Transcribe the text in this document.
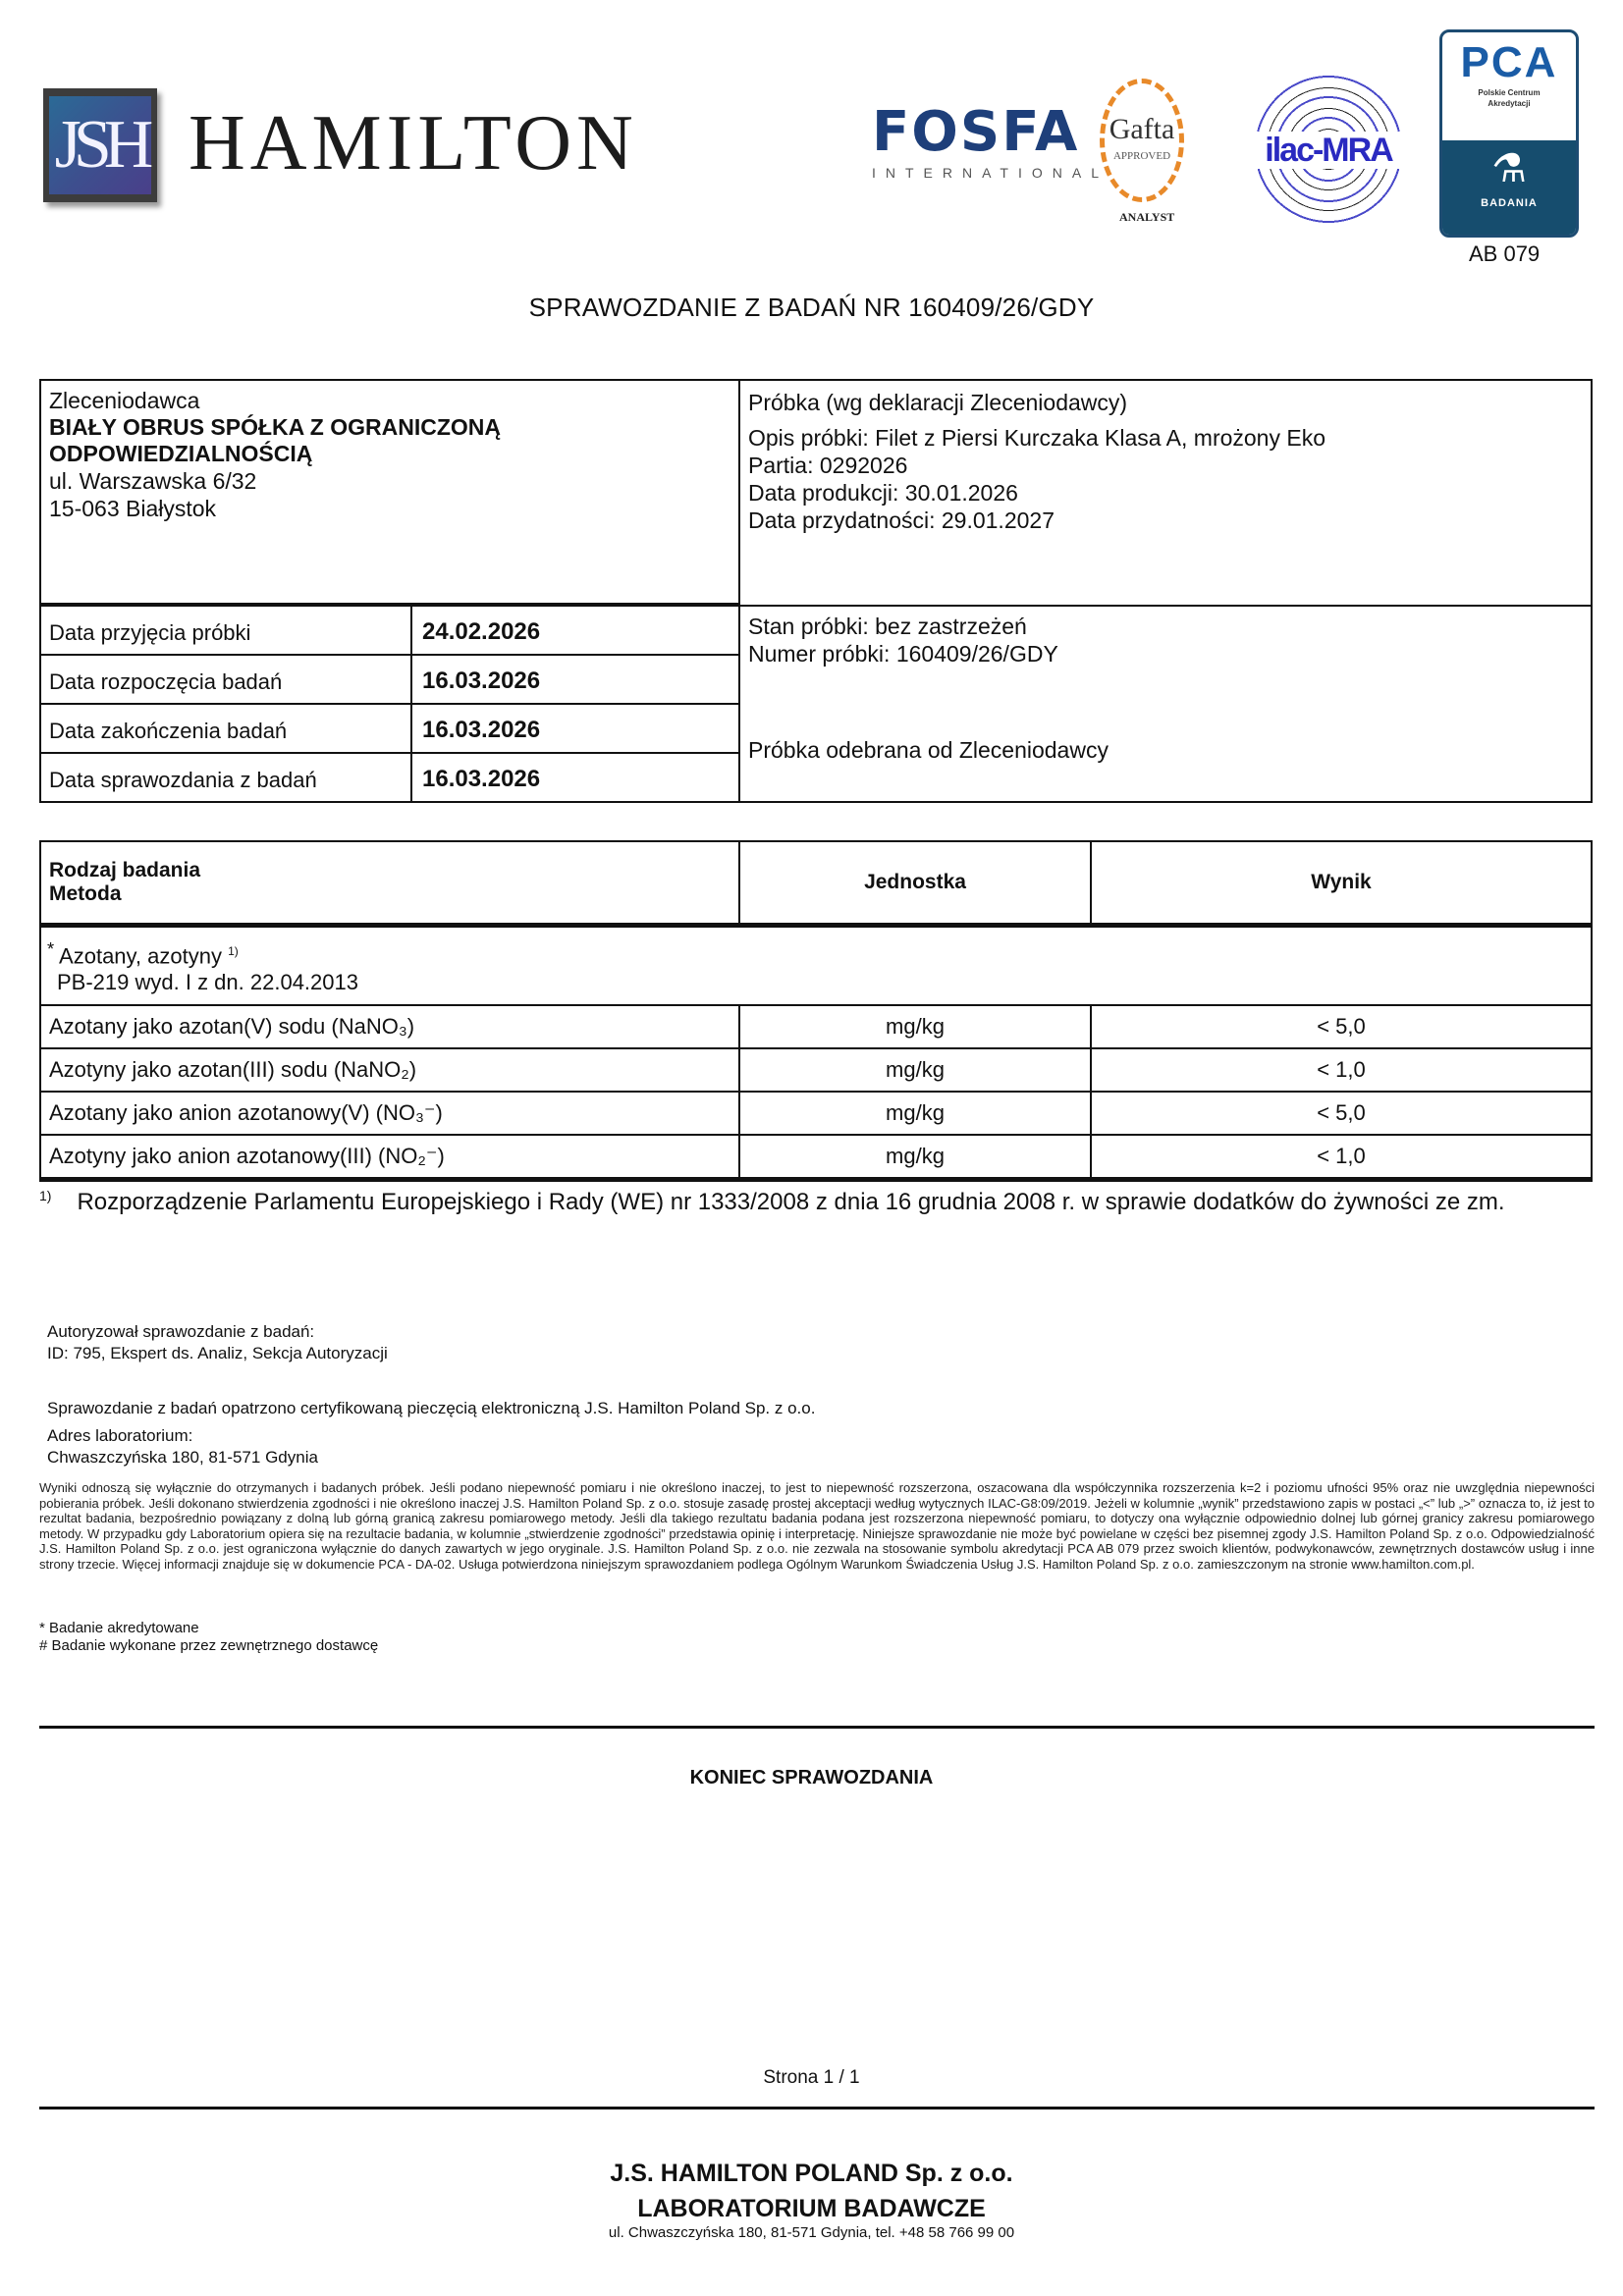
JSH HAMILTON	FOSFA
INTERNATIONAL
Gafta
APPROVED
ANALYST
ilac-MRA
PCA
Polskie Centrum
Akredytacji
⚗
BADANIA
AB 079
SPRAWOZDANIE Z BADAŃ NR 160409/26/GDY
Zleceniodawca
BIAŁY OBRUS SPÓŁKA Z OGRANICZONĄ
ODPOWIEDZIALNOŚCIĄ
ul. Warszawska 6/32
15-063 Białystok
Próbka (wg deklaracji Zleceniodawcy)
Opis próbki: Filet z Piersi Kurczaka Klasa A, mrożony Eko
Partia: 0292026
Data produkcji: 30.01.2026
Data przydatności: 29.01.2027
Stan próbki: bez zastrzeżeń
Numer próbki: 160409/26/GDY
Próbka odebrana od Zleceniodawcy
Data przyjęcia próbki	24.02.2026
Data rozpoczęcia badań	16.03.2026
Data zakończenia badań	16.03.2026
Data sprawozdania z badań	16.03.2026
Rodzaj badania
Metoda	Jednostka	Wynik

* Azotany, azotyny $^{1)}$
PB-219 wyd. I z dn. 22.04.2013		

Azotany jako azotan(V) sodu (NaNO₃)	mg/kg	< 5,0
Azotyny jako azotan(III) sodu (NaNO₂)	mg/kg	< 1,0
Azotany jako anion azotanowy(V) (NO₃⁻)	mg/kg	< 5,0
Azotyny jako anion azotanowy(III) (NO₂⁻)	mg/kg	< 1,0
$^{1)}$ Rozporządzenie Parlamentu Europejskiego i Rady (WE) nr 1333/2008 z dnia 16 grudnia 2008 r. w sprawie dodatków do żywności ze zm.
Autoryzował sprawozdanie z badań:
ID: 795, Ekspert ds. Analiz, Sekcja Autoryzacji
Sprawozdanie z badań opatrzono certyfikowaną pieczęcią elektroniczną J.S. Hamilton Poland Sp. z o.o.
Adres laboratorium:
Chwaszczyńska 180, 81-571 Gdynia
Wyniki odnoszą się wyłącznie do otrzymanych i badanych próbek. Jeśli podano niepewność pomiaru i nie określono inaczej, to jest to niepewność rozszerzona, oszacowana dla współczynnika rozszerzenia k=2 i poziomu ufności 95% oraz nie uwzględnia niepewności pobierania próbek. Jeśli dokonano stwierdzenia zgodności i nie określono inaczej J.S. Hamilton Poland Sp. z o.o. stosuje zasadę prostej akceptacji według wytycznych ILAC-G8:09/2019. Jeżeli w kolumnie „wynik” przedstawiono zapis w postaci „<” lub „>” oznacza to, iż jest to rezultat badania, bezpośrednio powiązany z dolną lub górną granicą zakresu pomiarowego metody. Jeśli dla takiego rezultatu badania podana jest rozszerzona niepewność pomiaru, to dotyczy ona wyłącznie odpowiednio dolnej lub górnej granicy zakresu pomiarowego metody. W przypadku gdy Laboratorium opiera się na rezultacie badania, w kolumnie „stwierdzenie zgodności” przedstawia opinię i interpretację. Niniejsze sprawozdanie nie może być powielane w części bez pisemnej zgody J.S. Hamilton Poland Sp. z o.o. Odpowiedzialność J.S. Hamilton Poland Sp. z o.o. jest ograniczona wyłącznie do danych zawartych w jego oryginale. J.S. Hamilton Poland Sp. z o.o. nie zezwala na stosowanie symbolu akredytacji PCA AB 079 przez swoich klientów, podwykonawców, zewnętrznych dostawców usług i inne strony trzecie. Więcej informacji znajduje się w dokumencie PCA - DA-02. Usługa potwierdzona niniejszym sprawozdaniem podlega Ogólnym Warunkom Świadczenia Usług J.S. Hamilton Poland Sp. z o.o. zamieszczonym na stronie www.hamilton.com.pl.
* Badanie akredytowane
# Badanie wykonane przez zewnętrznego dostawcę
KONIEC SPRAWOZDANIA
Strona 1 / 1
J.S. HAMILTON POLAND Sp. z o.o.
LABORATORIUM BADAWCZE
ul. Chwaszczyńska 180, 81-571 Gdynia, tel. +48 58 766 99 00
